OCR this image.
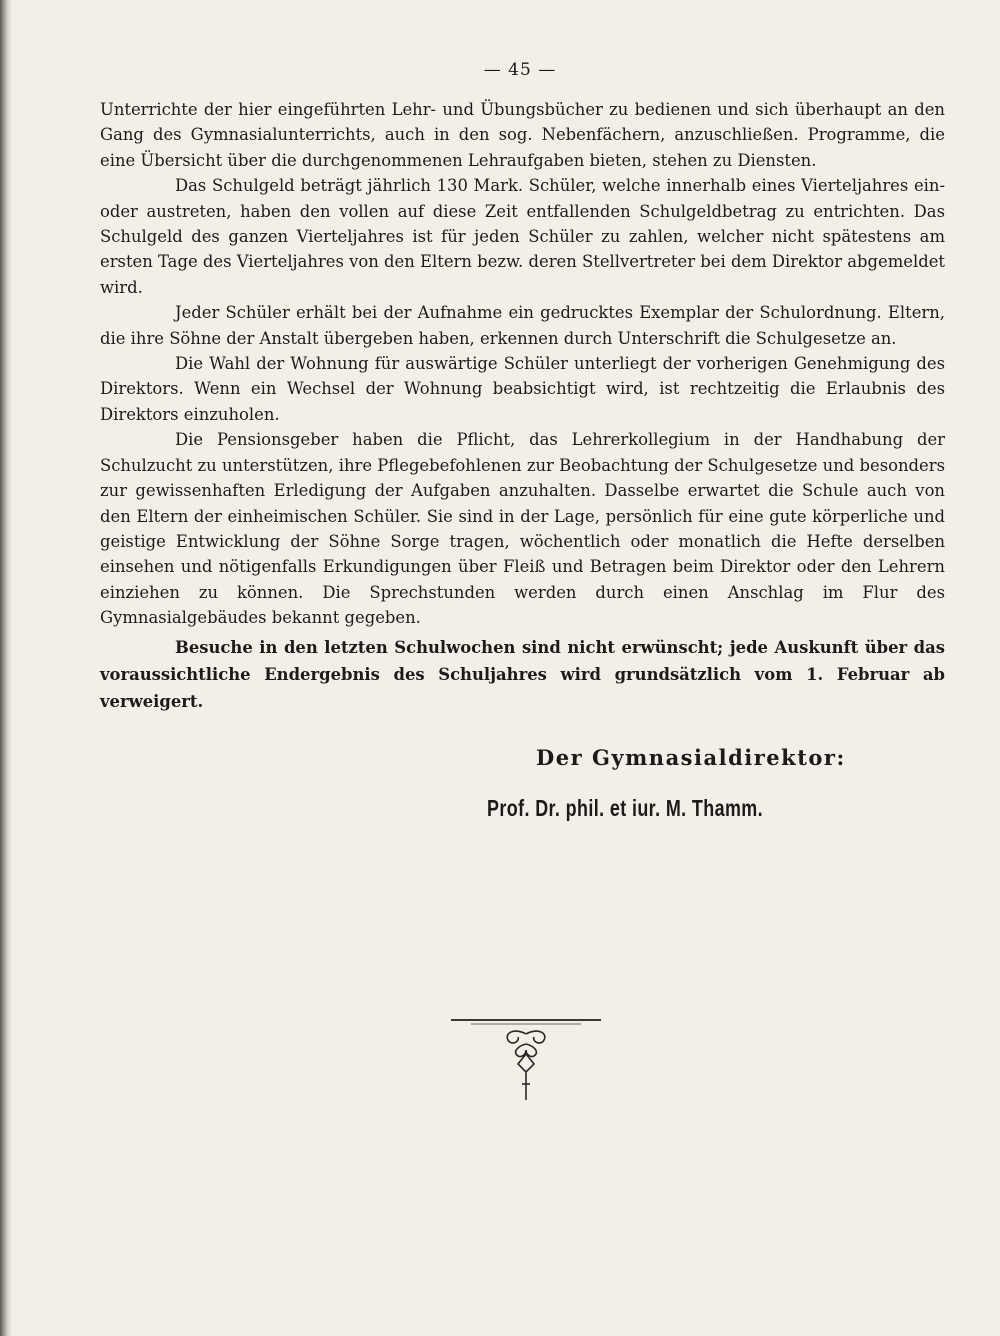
— 45 —

Unterrichte der hier eingeführten Lehr- und Übungsbücher zu bedienen und sich überhaupt an den Gang des Gymnasialunterrichts, auch in den sog. Nebenfächern, anzuschließen. Programme, die eine Übersicht über die durchgenommenen Lehraufgaben bieten, stehen zu Diensten.

Das Schulgeld beträgt jährlich 130 Mark. Schüler, welche innerhalb eines Vierteljahres ein- oder austreten, haben den vollen auf diese Zeit entfallenden Schulgeldbetrag zu entrichten. Das Schulgeld des ganzen Vierteljahres ist für jeden Schüler zu zahlen, welcher nicht spätestens am ersten Tage des Vierteljahres von den Eltern bezw. deren Stellvertreter bei dem Direktor abgemeldet wird.

Jeder Schüler erhält bei der Aufnahme ein gedrucktes Exemplar der Schulordnung. Eltern, die ihre Söhne der Anstalt übergeben haben, erkennen durch Unterschrift die Schulgesetze an.

Die Wahl der Wohnung für auswärtige Schüler unterliegt der vorherigen Genehmigung des Direktors. Wenn ein Wechsel der Wohnung beabsichtigt wird, ist rechtzeitig die Erlaubnis des Direktors einzuholen.

Die Pensionsgeber haben die Pflicht, das Lehrerkollegium in der Handhabung der Schulzucht zu unterstützen, ihre Pflegebefohlenen zur Beobachtung der Schulgesetze und besonders zur gewissenhaften Erledigung der Aufgaben anzuhalten. Dasselbe erwartet die Schule auch von den Eltern der einheimischen Schüler. Sie sind in der Lage, persönlich für eine gute körperliche und geistige Entwicklung der Söhne Sorge tragen, wöchentlich oder monatlich die Hefte derselben einsehen und nötigenfalls Erkundigungen über Fleiß und Betragen beim Direktor oder den Lehrern einziehen zu können. Die Sprechstunden werden durch einen Anschlag im Flur des Gymnasialgebäudes bekannt gegeben.

Besuche in den letzten Schulwochen sind nicht erwünscht; jede Auskunft über das voraussichtliche Endergebnis des Schuljahres wird grundsätzlich vom 1. Februar ab verweigert.
Der Gymnasialdirektor:
Prof. Dr. phil. et iur. M. Thamm.
